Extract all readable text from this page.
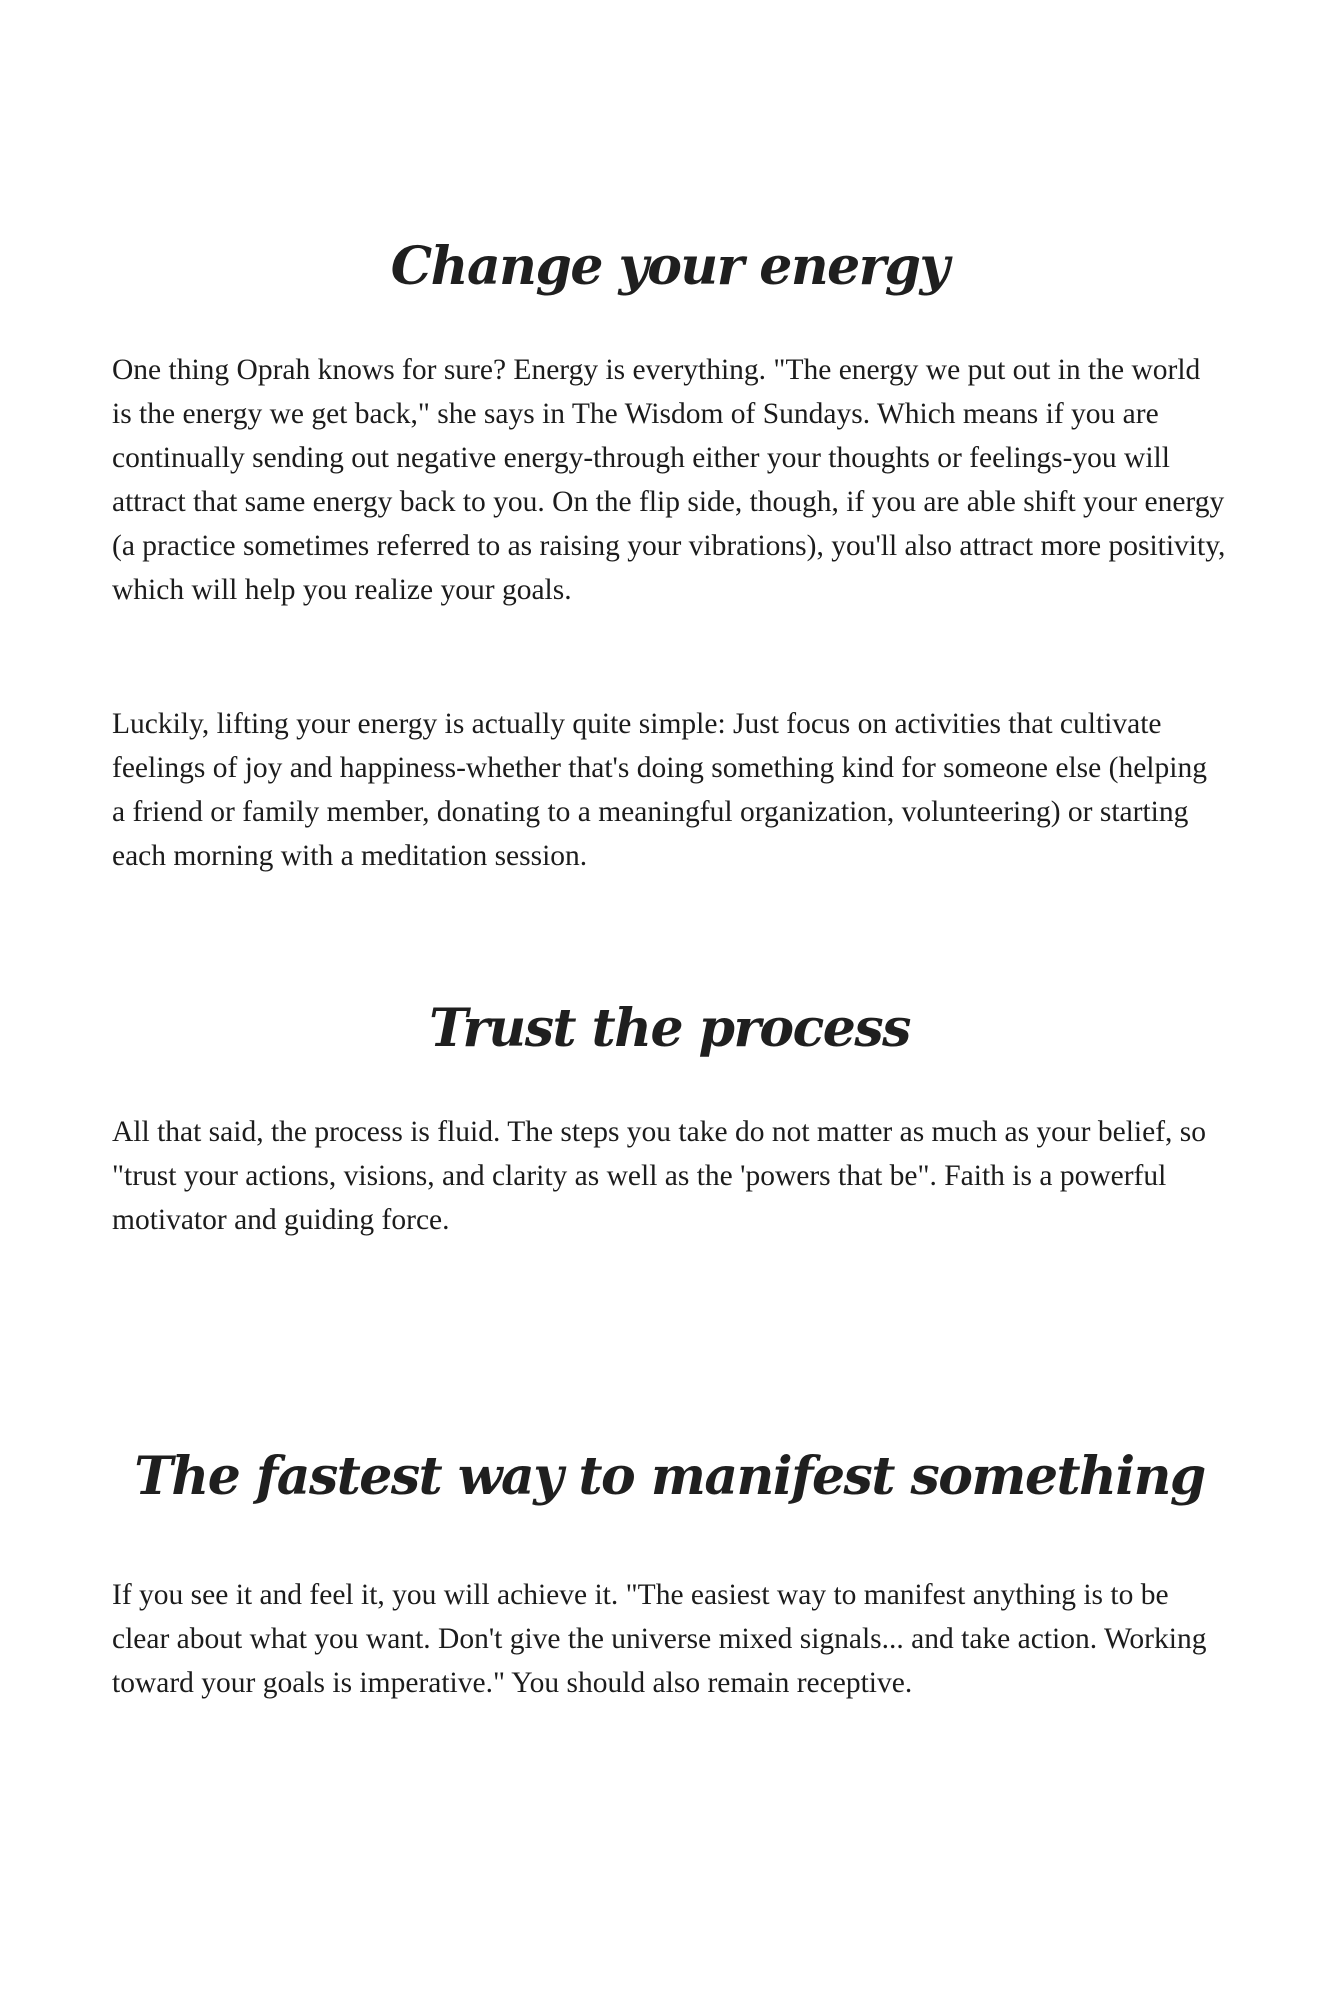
Change your energy

One thing Oprah knows for sure? Energy is everything. "The energy we put out in the world is the energy we get back," she says in The Wisdom of Sundays. Which means if you are continually sending out negative energy-through either your thoughts or feelings-you will attract that same energy back to you. On the flip side, though, if you are able shift your energy (a practice sometimes referred to as raising your vibrations), you'll also attract more positivity, which will help you realize your goals.

Luckily, lifting your energy is actually quite simple: Just focus on activities that cultivate feelings of joy and happiness-whether that's doing something kind for someone else (helping a friend or family member, donating to a meaningful organization, volunteering) or starting each morning with a meditation session.

Trust the process

All that said, the process is fluid. The steps you take do not matter as much as your belief, so "trust your actions, visions, and clarity as well as the 'powers that be". Faith is a powerful motivator and guiding force.

The fastest way to manifest something

If you see it and feel it, you will achieve it. "The easiest way to manifest anything is to be clear about what you want. Don't give the universe mixed signals... and take action. Working toward your goals is imperative." You should also remain receptive.
